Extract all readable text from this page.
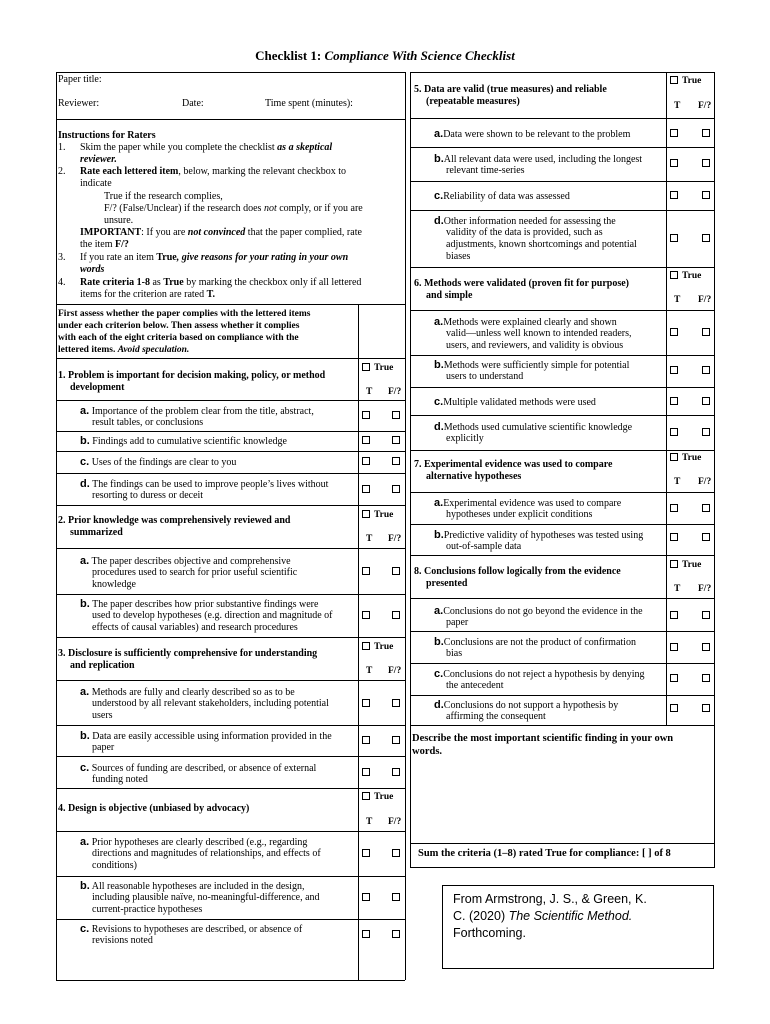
Checklist 1: Compliance With Science Checklist
Paper title:
Reviewer:	Date:	Time spent (minutes):
Instructions for Raters
1. Skim the paper while you complete the checklist as a skeptical
reviewer.
2. Rate each lettered item, below, marking the relevant checkbox to
indicate
True if the research complies,
F/? (False/Unclear) if the research does not comply, or if you are
unsure.
IMPORTANT: If you are not convinced that the paper complied, rate
the item F/?
3. If you rate an item True, give reasons for your rating in your own
words
4. Rate criteria 1-8 as True by marking the checkbox only if all lettered
items for the criterion are rated T.
First assess whether the paper complies with the lettered items
under each criterion below. Then assess whether it complies
with each of the eight criteria based on compliance with the
lettered items. Avoid speculation.
1. Problem is important for decision making, policy, or method
development
True
T F/?
a. Importance of the problem clear from the title, abstract,
result tables, or conclusions
b. Findings add to cumulative scientific knowledge
c. Uses of the findings are clear to you
d. The findings can be used to improve people’s lives without
resorting to duress or deceit
2. Prior knowledge was comprehensively reviewed and
summarized
True
T F/?
a. The paper describes objective and comprehensive
procedures used to search for prior useful scientific
knowledge
b. The paper describes how prior substantive findings were
used to develop hypotheses (e.g. direction and magnitude of
effects of causal variables) and research procedures
3. Disclosure is sufficiently comprehensive for understanding
and replication
True
T F/?
a. Methods are fully and clearly described so as to be
understood by all relevant stakeholders, including potential
users
b. Data are easily accessible using information provided in the
paper
c. Sources of funding are described, or absence of external
funding noted
4. Design is objective (unbiased by advocacy)
True
T F/?
a. Prior hypotheses are clearly described (e.g., regarding
directions and magnitudes of relationships, and effects of
conditions)
b. All reasonable hypotheses are included in the design,
including plausible naïve, no-meaningful-difference, and
current-practice hypotheses
c. Revisions to hypotheses are described, or absence of
revisions noted
5. Data are valid (true measures) and reliable
(repeatable measures)
True
T F/?
a.Data were shown to be relevant to the problem
b.All relevant data were used, including the longest
relevant time-series
c.Reliability of data was assessed
d.Other information needed for assessing the
validity of the data is provided, such as
adjustments, known shortcomings and potential
biases
6. Methods were validated (proven fit for purpose)
and simple
True
T F/?
a.Methods were explained clearly and shown
valid—unless well known to intended readers,
users, and reviewers, and validity is obvious
b.Methods were sufficiently simple for potential
users to understand
c.Multiple validated methods were used
d.Methods used cumulative scientific knowledge
explicitly
7. Experimental evidence was used to compare
alternative hypotheses
True
T F/?
a.Experimental evidence was used to compare
hypotheses under explicit conditions
b.Predictive validity of hypotheses was tested using
out-of-sample data
8. Conclusions follow logically from the evidence
presented
True
T F/?
a.Conclusions do not go beyond the evidence in the
paper
b.Conclusions are not the product of confirmation
bias
c.Conclusions do not reject a hypothesis by denying
the antecedent
d.Conclusions do not support a hypothesis by
affirming the consequent
Describe the most important scientific finding in your own
words.
Sum the criteria (1–8) rated True for compliance: [ ] of 8
From Armstrong, J. S., & Green, K.
C. (2020) The Scientific Method.
Forthcoming.
